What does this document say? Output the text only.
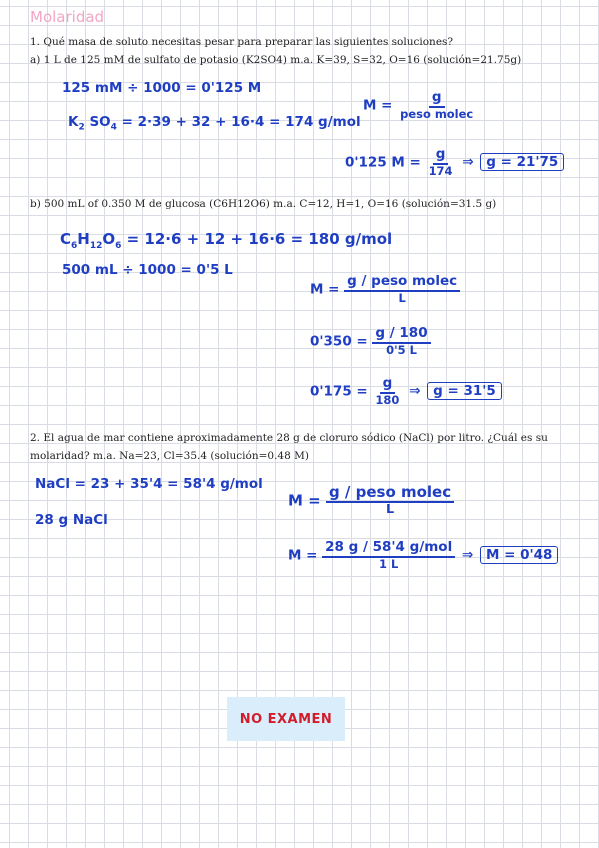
Molaridad
1. Qué masa de soluto necesitas pesar para preparar las siguientes soluciones?
a) 1 L de 125 mM de sulfato de potasio (K2SO4) m.a. K=39, S=32, O=16 (solución=21.75g)
125 mM ÷ 1000 = 0'125 M
$M = \frac{g}{\text{peso molec}}$
$K_2$ $SO_4 = 2\cdot 39 + 32 + 16\cdot 4 = 174$ g/mol
0'125 $M = \frac{g}{174}$ ⇒ g = 21'75
b) 500 mL of 0.350 M de glucosa (C6H12O6) m.a. C=12, H=1, O=16 (solución=31.5 g)
$C_6H_{12}O_6 = 12\cdot 6 + 12 + 16\cdot 6 = 180$ g/mol
500 mL ÷ 1000 = 0'5 L
$M = \frac{\text{g / peso molec}}{L}$
$0'350 = \frac{g / 180}{0'5 L}$
$0'175 = \frac{g}{180}$ ⇒ g = 31'5
2. El agua de mar contiene aproximadamente 28 g de cloruro sódico (NaCl) por litro. ¿Cuál es su
molaridad? m.a. Na=23, Cl=35.4 (solución=0.48 M)
NaCl = 23 + 35'4 = 58'4 g/mol
28 g NaCl
$M = \frac{\text{g / peso molec}}{L}$
$M = \frac{\text{28 g / 58'4 g/mol}}{1 L}$ ⇒ M = 0'48
NO EXAMEN
